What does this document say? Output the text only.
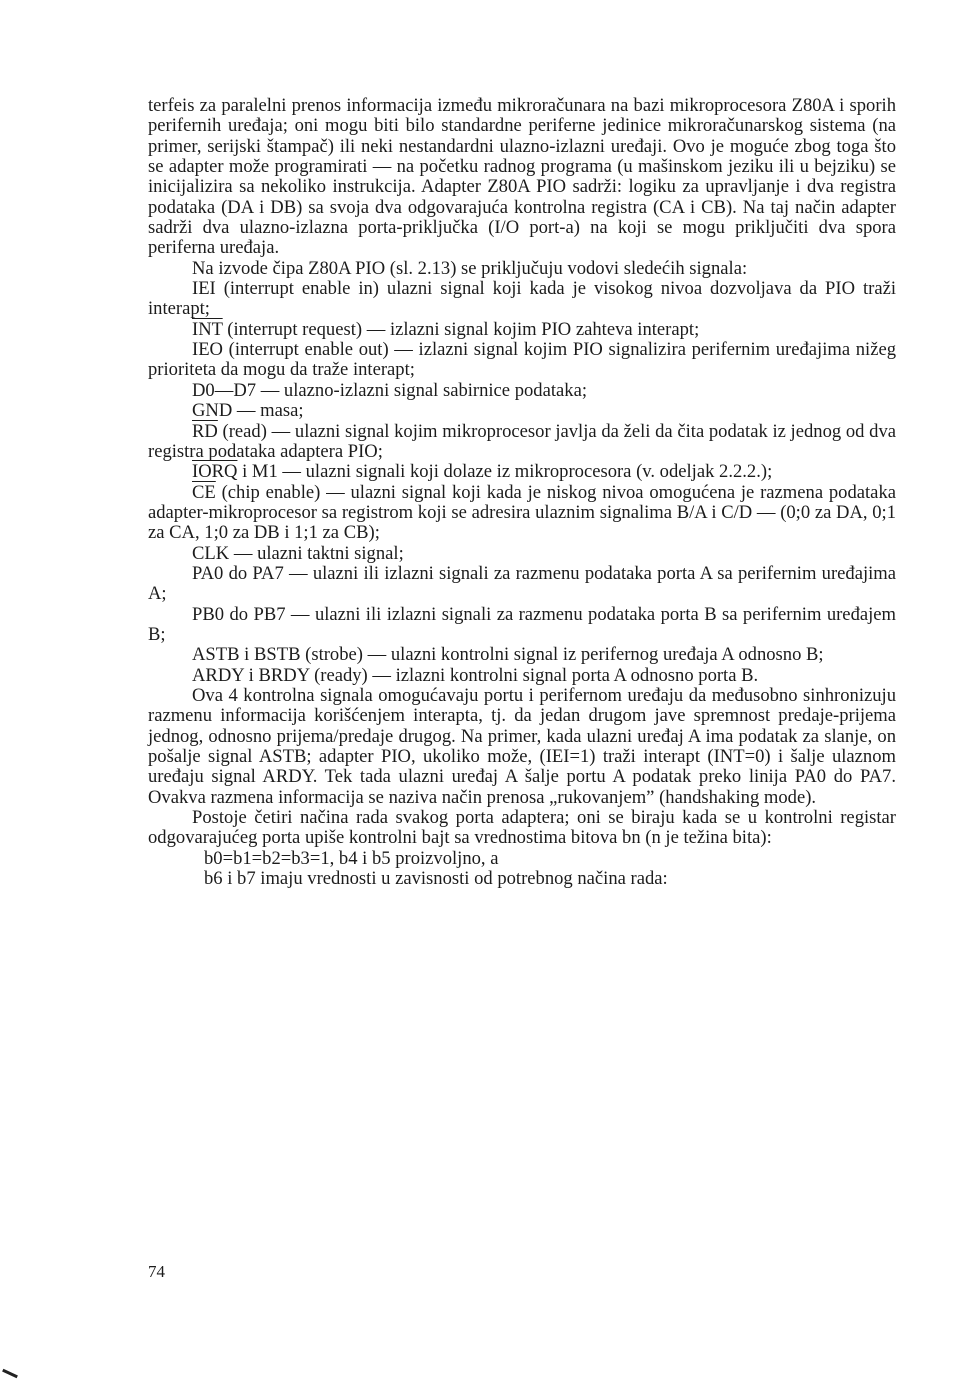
terfeis za paralelni prenos informacija između mikroračunara na bazi mikroprocesora Z80A i sporih perifernih uređaja; oni mogu biti bilo standardne periferne jedinice mikroračunarskog sistema (na primer, serijski štampač) ili neki nestandardni ulazno-izlazni uređaji. Ovo je moguće zbog toga što se adapter može programirati — na početku radnog programa (u mašinskom jeziku ili u bejziku) se inicijalizira sa nekoliko instrukcija. Adapter Z80A PIO sadrži: logiku za upravljanje i dva registra podataka (DA i DB) sa svoja dva odgovarajuća kontrolna registra (CA i CB). Na taj način adapter sadrži dva ulazno-izlazna porta-priključka (I/O port-a) na koji se mogu priključiti dva spora periferna uređaja.

Na izvode čipa Z80A PIO (sl. 2.13) se priključuju vodovi sledećih signala:

IEI (interrupt enable in) ulazni signal koji kada je visokog nivoa dozvoljava da PIO traži interapt;

$\overline{INT}$ (interrupt request) — izlazni signal kojim PIO zahteva interapt;

IEO (interrupt enable out) — izlazni signal kojim PIO signalizira perifernim uređajima nižeg prioriteta da mogu da traže interapt;

D0—D7 — ulazno-izlazni signal sabirnice podataka;

GND — masa;

$\overline{RD}$ (read) — ulazni signal kojim mikroprocesor javlja da želi da čita podatak iz jednog od dva registra podataka adaptera PIO;

IORQ i M1 — ulazni signali koji dolaze iz mikroprocesora (v. odeljak 2.2.2.);

$\overline{CE}$ (chip enable) — ulazni signal koji kada je niskog nivoa omogućena je razmena podataka adapter-mikroprocesor sa registrom koji se adresira ulaznim signalima B/A i C/D — (0;0 za DA, 0;1 za CA, 1;0 za DB i 1;1 za CB);

CLK — ulazni taktni signal;

PA0 do PA7 — ulazni ili izlazni signali za razmenu podataka porta A sa perifernim uređajima A;

PB0 do PB7 — ulazni ili izlazni signali za razmenu podataka porta B sa perifernim uređajem B;

ASTB i BSTB (strobe) — ulazni kontrolni signal iz perifernog uređaja A odnosno B;

ARDY i BRDY (ready) — izlazni kontrolni signal porta A odnosno porta B.

Ova 4 kontrolna signala omogućavaju portu i perifernom uređaju da međusobno sinhronizuju razmenu informacija korišćenjem interapta, tj. da jedan drugom jave spremnost predaje-prijema jednog, odnosno prijema/predaje drugog. Na primer, kada ulazni uređaj A ima podatak za slanje, on pošalje signal ASTB; adapter PIO, ukoliko može, (IEI=1) traži interapt (INT=0) i šalje ulaznom uređaju signal ARDY. Tek tada ulazni uređaj A šalje portu A podatak preko linija PA0 do PA7. Ovakva razmena informacija se naziva način prenosa „rukovanjem” (handshaking mode).

Postoje četiri načina rada svakog porta adaptera; oni se biraju kada se u kontrolni registar odgovarajućeg porta upiše kontrolni bajt sa vrednostima bitova bn (n je težina bita):

b0=b1=b2=b3=1, b4 i b5 proizvoljno, a

b6 i b7 imaju vrednosti u zavisnosti od potrebnog načina rada:

74
